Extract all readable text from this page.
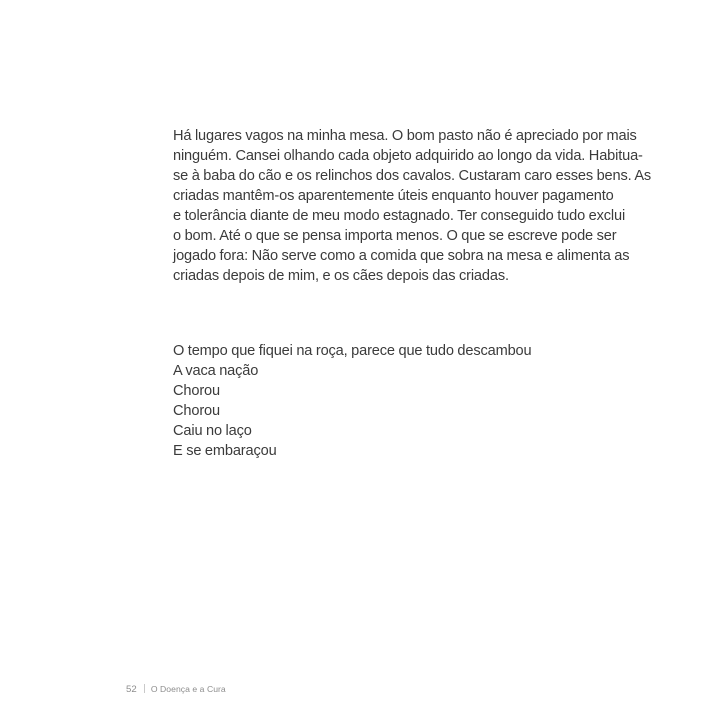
Há lugares vagos na minha mesa. O bom pasto não é apreciado por mais
ninguém. Cansei olhando cada objeto adquirido ao longo da vida. Habitua-
se à baba do cão e os relinchos dos cavalos. Custaram caro esses bens. As
criadas mantêm-os aparentemente úteis enquanto houver pagamento
e tolerância diante de meu modo estagnado. Ter conseguido tudo exclui
o bom. Até o que se pensa importa menos. O que se escreve pode ser
jogado fora: Não serve como a comida que sobra na mesa e alimenta as
criadas depois de mim, e os cães depois das criadas.
O tempo que fiquei na roça, parece que tudo descambou
A vaca nação
Chorou
Chorou
Caiu no laço
E se embaraçou
52 O Doença e a Cura
